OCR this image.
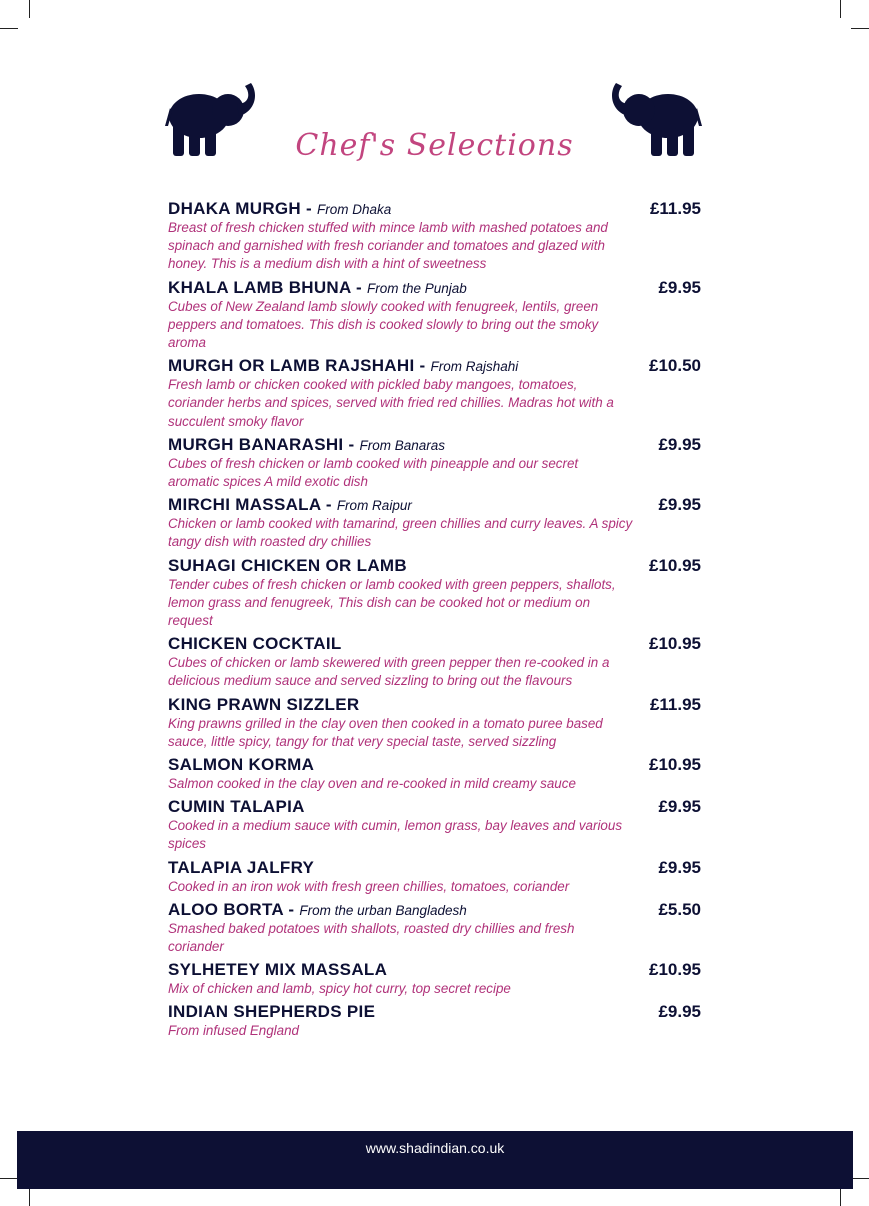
Chef's Selections
DHAKA MURGH - From Dhaka	£11.95
Breast of fresh chicken stuffed with mince lamb with mashed potatoes and spinach and garnished with fresh coriander and tomatoes and glazed with honey. This is a medium dish with a hint of sweetness
KHALA LAMB BHUNA - From the Punjab	£9.95
Cubes of New Zealand lamb slowly cooked with fenugreek, lentils, green peppers and tomatoes. This dish is cooked slowly to bring out the smoky aroma
MURGH OR LAMB RAJSHAHI - From Rajshahi	£10.50
Fresh lamb or chicken cooked with pickled baby mangoes, tomatoes, coriander herbs and spices, served with fried red chillies. Madras hot with a succulent smoky flavor
MURGH BANARASHI - From Banaras	£9.95
Cubes of fresh chicken or lamb cooked with pineapple and our secret aromatic spices A mild exotic dish
MIRCHI MASSALA - From Raipur	£9.95
Chicken or lamb cooked with tamarind, green chillies and curry leaves. A spicy tangy dish with roasted dry chillies
SUHAGI CHICKEN OR LAMB	£10.95
Tender cubes of fresh chicken or lamb cooked with green peppers, shallots, lemon grass and fenugreek, This dish can be cooked hot or medium on request
CHICKEN COCKTAIL	£10.95
Cubes of chicken or lamb skewered with green pepper then re-cooked in a delicious medium sauce and served sizzling to bring out the flavours
KING PRAWN SIZZLER	£11.95
King prawns grilled in the clay oven then cooked in a tomato puree based sauce, little spicy, tangy for that very special taste, served sizzling
SALMON KORMA	£10.95
Salmon cooked in the clay oven and re-cooked in mild creamy sauce
CUMIN TALAPIA	£9.95
Cooked in a medium sauce with cumin, lemon grass, bay leaves and various spices
TALAPIA JALFRY	£9.95
Cooked in an iron wok with fresh green chillies, tomatoes, coriander
ALOO BORTA - From the urban Bangladesh	£5.50
Smashed baked potatoes with shallots, roasted dry chillies and fresh coriander
SYLHETEY MIX MASSALA	£10.95
Mix of chicken and lamb, spicy hot curry, top secret recipe
INDIAN SHEPHERDS PIE	£9.95
From infused England
www.shadindian.co.uk
